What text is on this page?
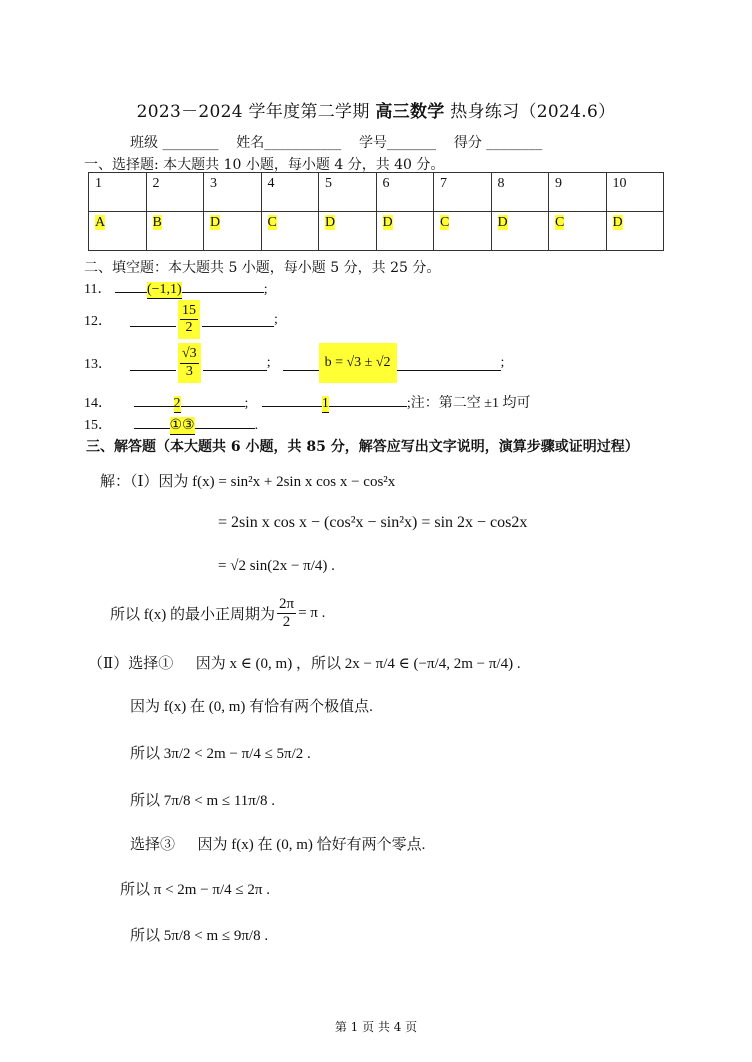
2023－2024 学年度第二学期 高三数学 热身练习（2024.6）
班级 ________    姓名___________    学号_______    得分 ________
一、选择题: 本大题共 10 小题，每小题 4 分，共 40 分。
1	2	3	4	5	6	7	8	9	10
A	B	D	C	D	D	C	D	C	D
二、填空题：本大题共 5 小题，每小题 5 分，共 25 分。
11．	(−1,1)	;
12．	$\frac{15}{2}$	;
13．	$\frac{√3}{3}$	;	b = √3 ± √2	;
14．	2	;	1	;注：第二空 ±1 均可
15．	①③	.
三、解答题（本大题共 6 小题，共 85 分，解答应写出文字说明，演算步骤或证明过程）
解：（Ⅰ）因为 f(x) = sin²x + 2sin x cos x − cos²x
= 2sin x cos x − (cos²x − sin²x) = sin 2x − cos2x
= √2 sin(2x − π/4) .
所以 f(x) 的最小正周期为 $\frac{2\pi}{2} = \pi$ .
（Ⅱ）选择①      因为 x ∈ (0, m) ，所以 2x − π/4 ∈ (−π/4, 2m − π/4) .
因为 f(x) 在 (0, m) 有恰有两个极值点.
所以 3π/2 < 2m − π/4 ≤ 5π/2 .
所以 7π/8 < m ≤ 11π/8 .
选择③      因为 f(x) 在 (0, m) 恰好有两个零点.
所以 π < 2m − π/4 ≤ 2π .
所以 5π/8 < m ≤ 9π/8 .
第 1 页 共 4 页
